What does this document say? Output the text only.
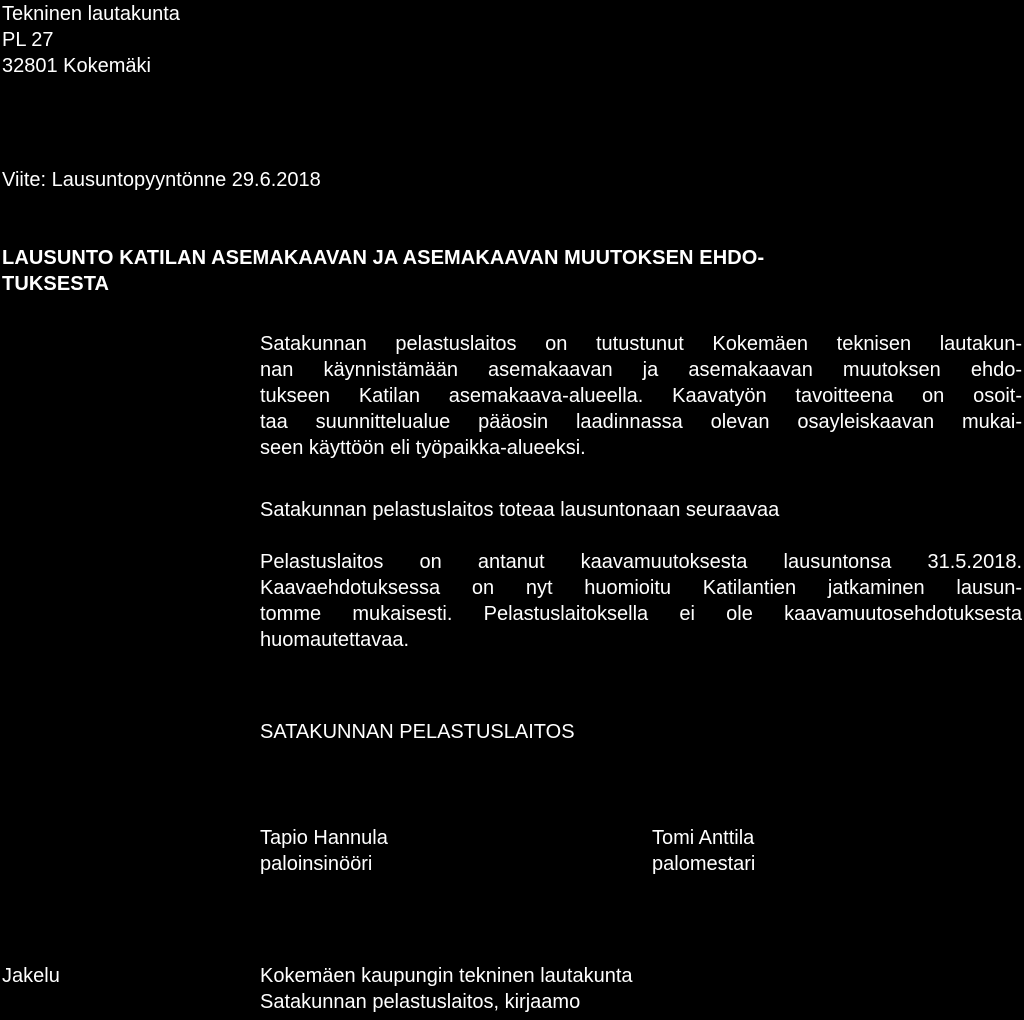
Tekninen lautakunta
PL 27
32801 Kokemäki
Viite: Lausuntopyyntönne 29.6.2018
LAUSUNTO KATILAN ASEMAKAAVAN JA ASEMAKAAVAN MUUTOKSEN EHDO-
TUKSESTA
Satakunnan pelastuslaitos on tutustunut Kokemäen teknisen lautakun-
nan käynnistämään asemakaavan ja asemakaavan muutoksen ehdo-
tukseen Katilan asemakaava-alueella. Kaavatyön tavoitteena on osoit-
taa suunnittelualue pääosin laadinnassa olevan osayleiskaavan mukai-
seen käyttöön eli työpaikka-alueeksi.
Satakunnan pelastuslaitos toteaa lausuntonaan seuraavaa
Pelastuslaitos on antanut kaavamuutoksesta lausuntonsa 31.5.2018.
Kaavaehdotuksessa on nyt huomioitu Katilantien jatkaminen lausun-
tomme mukaisesti. Pelastuslaitoksella ei ole kaavamuutosehdotuksesta
huomautettavaa.
SATAKUNNAN PELASTUSLAITOS
Tapio Hannula
paloinsinööri
Tomi Anttila
palomestari
Jakelu	Kokemäen kaupungin tekninen lautakunta
Satakunnan pelastuslaitos, kirjaamo
